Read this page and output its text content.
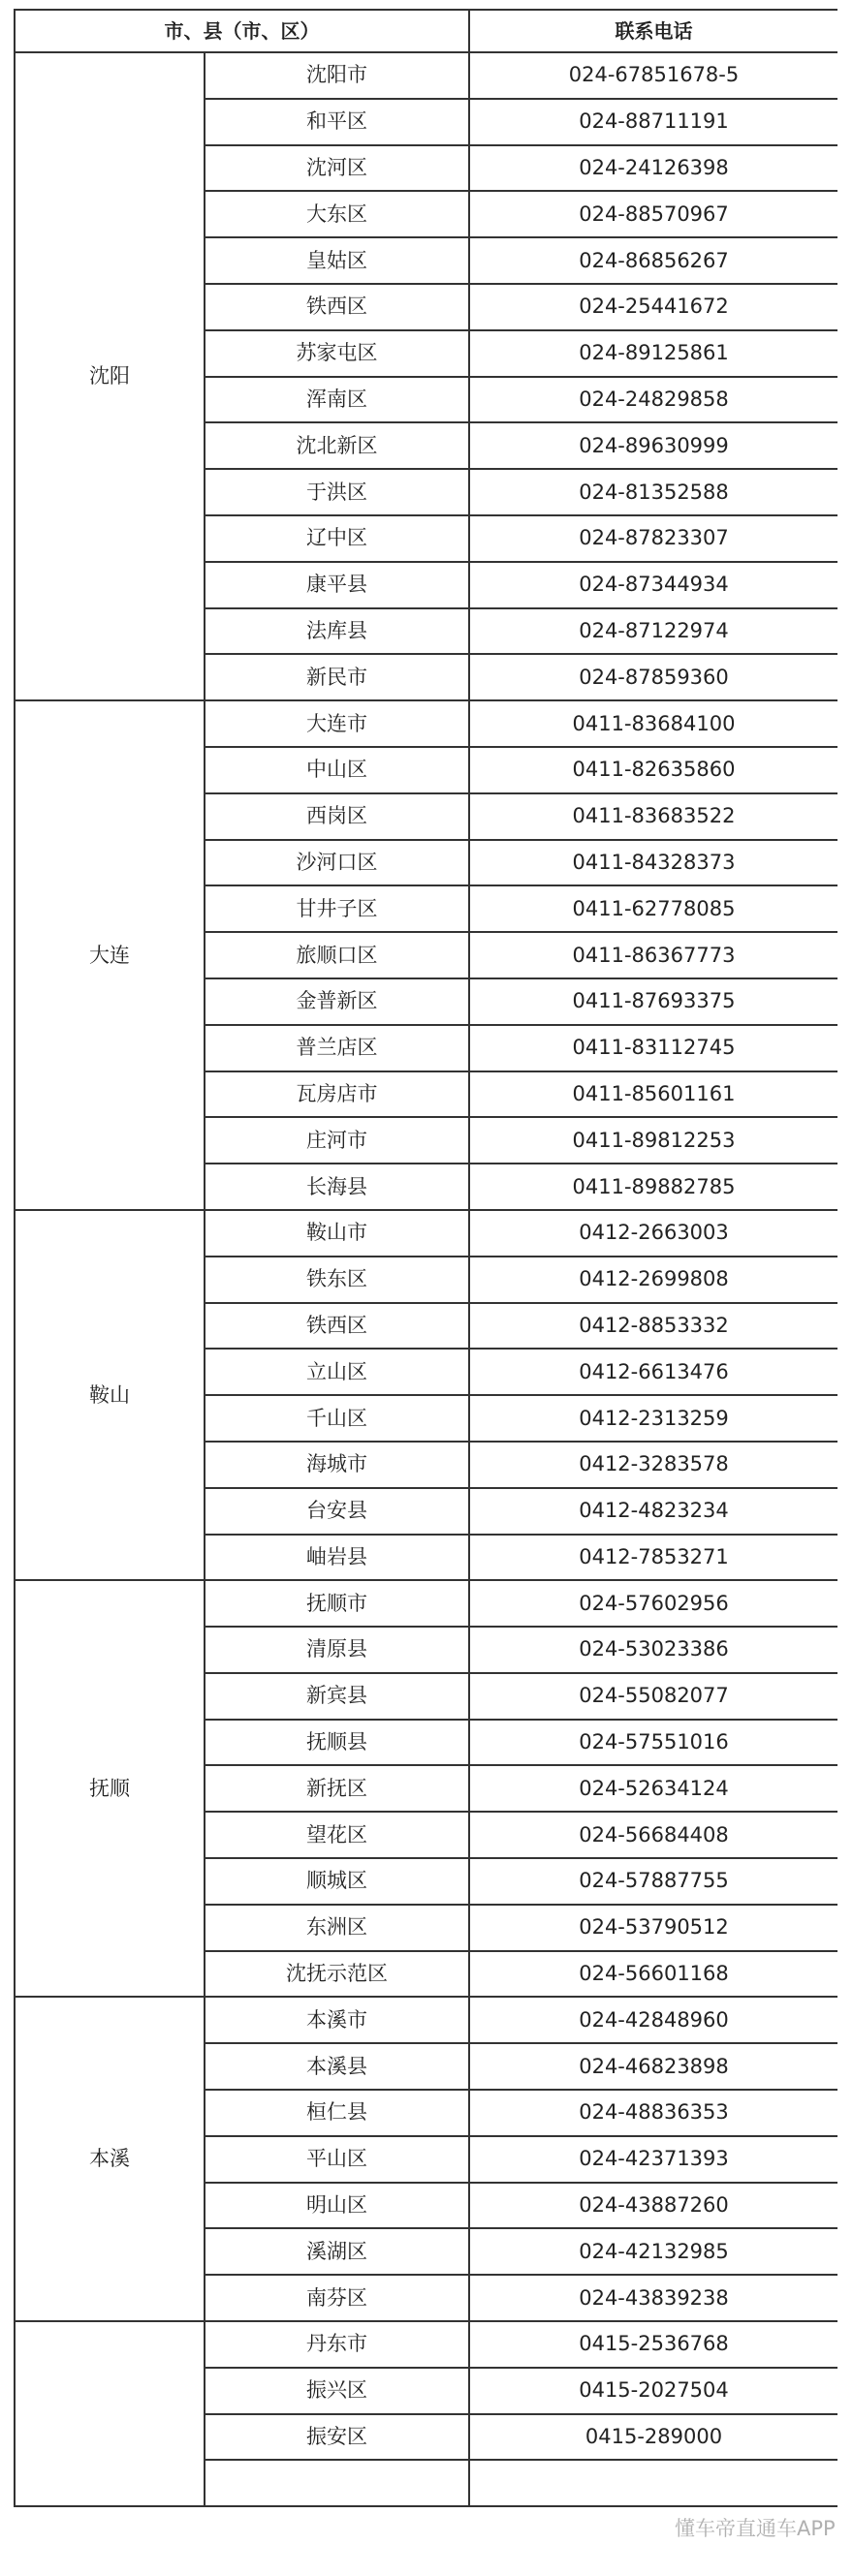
市、县（市、区）		联系电话
沈阳	沈阳市	024-67851678-5
	和平区	024-88711191
	沈河区	024-24126398
	大东区	024-88570967
	皇姑区	024-86856267
	铁西区	024-25441672
	苏家屯区	024-89125861
	浑南区	024-24829858
	沈北新区	024-89630999
	于洪区	024-81352588
	辽中区	024-87823307
	康平县	024-87344934
	法库县	024-87122974
	新民市	024-87859360
大连	大连市	0411-83684100
	中山区	0411-82635860
	西岗区	0411-83683522
	沙河口区	0411-84328373
	甘井子区	0411-62778085
	旅顺口区	0411-86367773
	金普新区	0411-87693375
	普兰店区	0411-83112745
	瓦房店市	0411-85601161
	庄河市	0411-89812253
	长海县	0411-89882785
鞍山	鞍山市	0412-2663003
	铁东区	0412-2699808
	铁西区	0412-8853332
	立山区	0412-6613476
	千山区	0412-2313259
	海城市	0412-3283578
	台安县	0412-4823234
	岫岩县	0412-7853271
抚顺	抚顺市	024-57602956
	清原县	024-53023386
	新宾县	024-55082077
	抚顺县	024-57551016
	新抚区	024-52634124
	望花区	024-56684408
	顺城区	024-57887755
	东洲区	024-53790512
	沈抚示范区	024-56601168
本溪	本溪市	024-42848960
	本溪县	024-46823898
	桓仁县	024-48836353
	平山区	024-42371393
	明山区	024-43887260
	溪湖区	024-42132985
	南芬区	024-43839238
	丹东市	0415-2536768
	振兴区	0415-2027504
	振安区	0415-289000

懂车帝直通车APP
